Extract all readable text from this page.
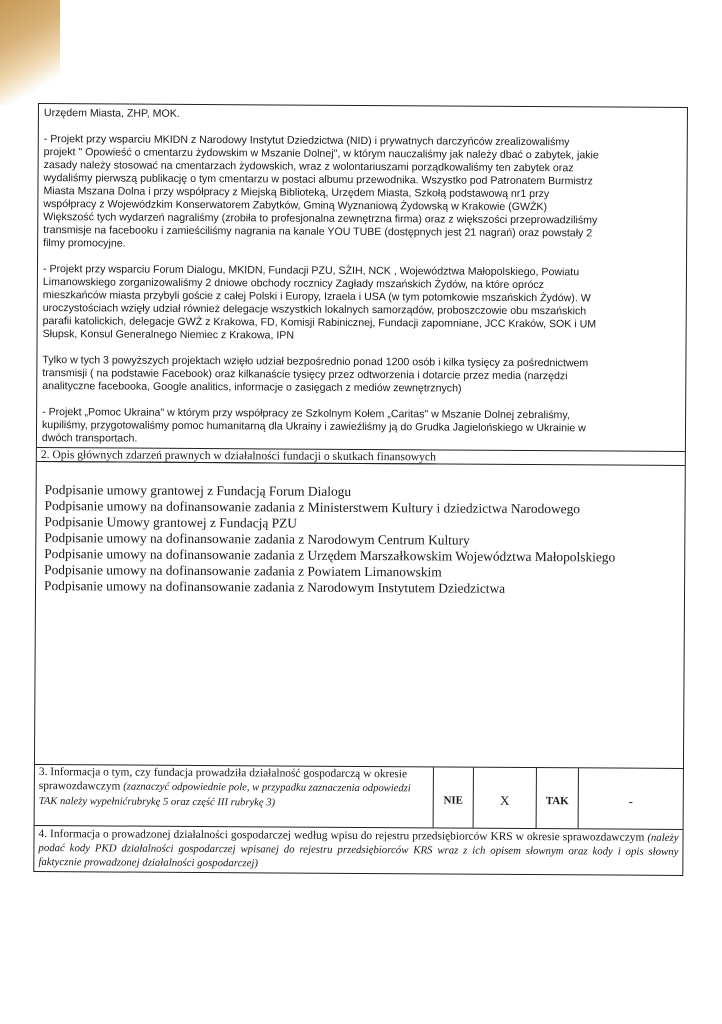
Urzędem Miasta, ZHP, MOK.

- Projekt przy wsparciu MKIDN z Narodowy Instytut Dziedzictwa (NID) i prywatnych darczyńców zrealizowaliśmy

projekt " Opowieść o cmentarzu żydowskim w Mszanie Dolnej", w którym nauczaliśmy jak należy dbać o zabytek, jakie

zasady należy stosować na cmentarzach żydowskich, wraz z wolontariuszami porządkowaliśmy ten zabytek oraz

wydaliśmy pierwszą publikację o tym cmentarzu w postaci albumu przewodnika. Wszystko pod Patronatem Burmistrz

Miasta Mszana Dolna i przy współpracy z Miejską Biblioteką, Urzędem Miasta, Szkołą podstawową nr1 przy

współpracy z Wojewódzkim Konserwatorem Zabytków, Gminą Wyznaniową Żydowską w Krakowie (GWŻK)

Większość tych wydarzeń nagraliśmy (zrobiła to profesjonalna zewnętrzna firma) oraz z większości przeprowadziliśmy

transmisje na facebooku i zamieściliśmy nagrania na kanale YOU TUBE (dostępnych jest 21 nagrań) oraz powstały 2

filmy promocyjne.

- Projekt przy wsparciu Forum Dialogu, MKIDN, Fundacji PZU, SŻIH, NCK , Województwa Małopolskiego, Powiatu

Limanowskiego zorganizowaliśmy 2 dniowe obchody rocznicy Zagłady mszańskich Żydów, na które oprócz

mieszkańców miasta przybyli goście z całej Polski i Europy, Izraela i USA (w tym potomkowie mszańskich Żydów). W

uroczystościach wzięły udział również delegacje wszystkich lokalnych samorządów, proboszczowie obu mszańskich

parafii katolickich, delegacje GWŻ z Krakowa, FD, Komisji Rabinicznej, Fundacji zapomniane, JCC Kraków, SOK i UM

Słupsk, Konsul Generalnego Niemiec z Krakowa, IPN

Tylko w tych 3 powyższych projektach wzięło udział bezpośrednio ponad 1200 osób i kilka tysięcy za pośrednictwem

transmisji ( na podstawie Facebook) oraz kilkanaście tysięcy przez odtworzenia i dotarcie przez media (narzędzi

analityczne facebooka, Google analitics, informacje o zasięgach z mediów zewnętrznych)

- Projekt „Pomoc Ukraina" w którym przy współpracy ze Szkolnym Kołem „Caritas" w Mszanie Dolnej zebraliśmy,

kupiliśmy, przygotowaliśmy pomoc humanitarną dla Ukrainy i zawieźliśmy ją do Grudka Jagielońskiego w Ukrainie w

dwóch transportach.

2. Opis głównych zdarzeń prawnych w działalności fundacji o skutkach finansowych
Podpisanie umowy grantowej z Fundacją Forum Dialogu
Podpisanie umowy na dofinansowanie zadania z Ministerstwem Kultury i dziedzictwa Narodowego
Podpisanie Umowy grantowej z Fundacją PZU
Podpisanie umowy na dofinansowanie zadania z Narodowym Centrum Kultury
Podpisanie umowy na dofinansowanie zadania z Urzędem Marszałkowskim Województwa Małopolskiego
Podpisanie umowy na dofinansowanie zadania z Powiatem Limanowskim
Podpisanie umowy na dofinansowanie zadania z Narodowym Instytutem Dziedzictwa
3. Informacja o tym, czy fundacja prowadziła działalność gospodarczą w okresie sprawozdawczym (zaznaczyć odpowiednie pole, w przypadku zaznaczenia odpowiedzi TAK należy wypełnićrubrykę 5 oraz część III rubrykę 3)	NIE	X	TAK	-
4. Informacja o prowadzonej działalności gospodarczej według wpisu do rejestru przedsiębiorców KRS w okresie sprawozdawczym (należy podać kody PKD działalności gospodarczej wpisanej do rejestru przedsiębiorców KRS wraz z ich opisem słownym oraz kody i opis słowny faktycznie prowadzonej działalności gospodarczej)
